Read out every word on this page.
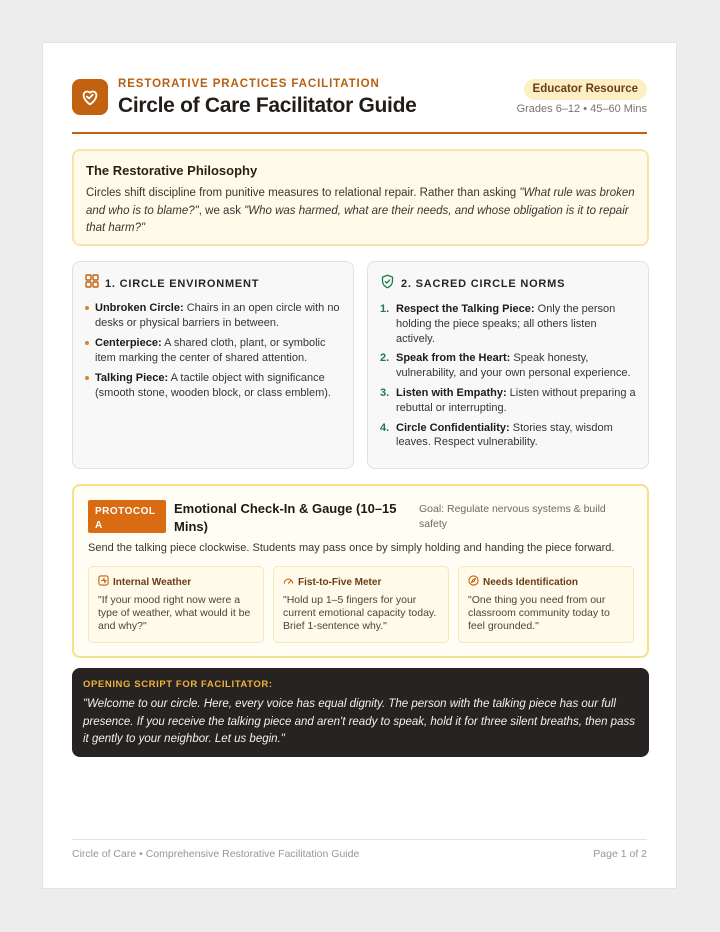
RESTORATIVE PRACTICES FACILITATION
Circle of Care Facilitator Guide
Educator Resource
Grades 6–12 • 45–60 Mins
The Restorative Philosophy

Circles shift discipline from punitive measures to relational repair. Rather than asking "What rule was broken and who is to blame?", we ask "Who was harmed, what are their needs, and whose obligation is it to repair that harm?"

1. CIRCLE ENVIRONMENT
Unbroken Circle: Chairs in an open circle with no desks or physical barriers in between.
Centerpiece: A shared cloth, plant, or symbolic item marking the center of shared attention.
Talking Piece: A tactile object with significance (smooth stone, wooden block, or class emblem).
2. SACRED CIRCLE NORMS
1. Respect the Talking Piece: Only the person holding the piece speaks; all others listen actively.
2. Speak from the Heart: Speak honesty, vulnerability, and your own personal experience.
3. Listen with Empathy: Listen without preparing a rebuttal or interrupting.
4. Circle Confidentiality: Stories stay, wisdom leaves. Respect vulnerability.
PROTOCOL A
Emotional Check-In & Gauge (10–15 Mins)
Goal: Regulate nervous systems & build safety
Send the talking piece clockwise. Students may pass once by simply holding and handing the piece forward.
Internal Weather
"If your mood right now were a type of weather, what would it be and why?"
Fist-to-Five Meter
"Hold up 1–5 fingers for your current emotional capacity today. Brief 1-sentence why."
Needs Identification
"One thing you need from our classroom community today to feel grounded."
OPENING SCRIPT FOR FACILITATOR:
"Welcome to our circle. Here, every voice has equal dignity. The person with the talking piece has our full presence. If you receive the talking piece and aren't ready to speak, hold it for three silent breaths, then pass it gently to your neighbor. Let us begin."
Circle of Care • Comprehensive Restorative Facilitation Guide	Page 1 of 2
